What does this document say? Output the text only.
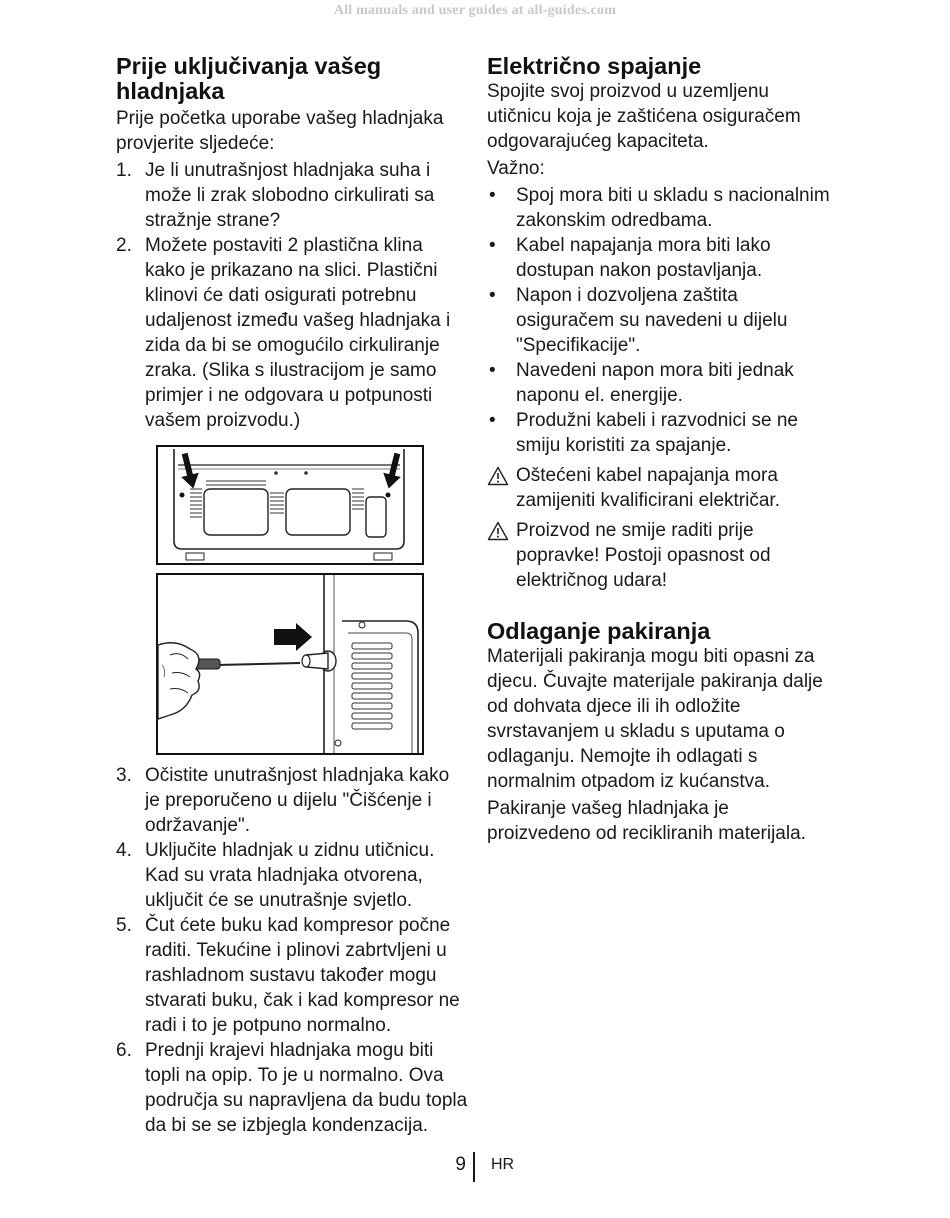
All manuals and user guides at all-guides.com
Prije uključivanja vašeg hladnjaka

Prije početka uporabe vašeg hladnjaka provjerite sljedeće:

1. Je li unutrašnjost hladnjaka suha i može li zrak slobodno cirkulirati sa stražnje strane?
2. Možete postaviti 2 plastična klina kako je prikazano na slici. Plastični klinovi će dati osigurati potrebnu udaljenost između vašeg hladnjaka i zida da bi se omogućilo cirkuliranje zraka. (Slika s ilustracijom je samo primjer i ne odgovara u potpunosti vašem proizvodu.)
3. Očistite unutrašnjost hladnjaka kako je preporučeno u dijelu "Čišćenje i održavanje".
4. Uključite hladnjak u zidnu utičnicu. Kad su vrata hladnjaka otvorena, uključit će se unutrašnje svjetlo.
5. Čut ćete buku kad kompresor počne raditi. Tekućine i plinovi zabrtvljeni u rashladnom sustavu također mogu stvarati buku, čak i kad kompresor ne radi i to je potpuno normalno.
6. Prednji krajevi hladnjaka mogu biti topli na opip. To je u normalno. Ova područja su napravljena da budu topla da bi se se izbjegla kondenzacija.
Električno spajanje

Spojite svoj proizvod u uzemljenu utičnicu koja je zaštićena osiguračem odgovarajućeg kapaciteta.

Važno:

• Spoj mora biti u skladu s nacionalnim zakonskim odredbama.
• Kabel napajanja mora biti lako dostupan nakon postavljanja.
• Napon i dozvoljena zaštita osiguračem su navedeni u dijelu "Specifikacije".
• Navedeni napon mora biti jednak naponu el. energije.
• Produžni kabeli i razvodnici se ne smiju koristiti za spajanje.
Oštećeni kabel napajanja mora zamijeniti kvalificirani električar.
Proizvod ne smije raditi prije popravke! Postoji opasnost od električnog udara!
Odlaganje pakiranja

Materijali pakiranja mogu biti opasni za djecu. Čuvajte materijale pakiranja dalje od dohvata djece ili ih odložite svrstavanjem u skladu s uputama o odlaganju. Nemojte ih odlagati s normalnim otpadom iz kućanstva.

Pakiranje vašeg hladnjaka je proizvedeno od recikliranih materijala.

9 HR
